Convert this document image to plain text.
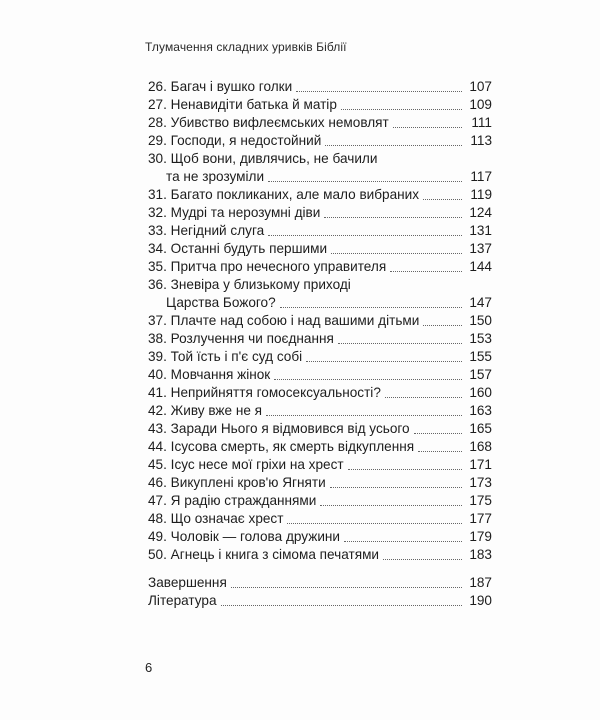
Тлумачення складних уривків Біблії
26. Багач і вушко голки	107
27. Ненавидіти батька й матір	109
28. Убивство вифлеємських немовлят	111
29. Господи, я недостойний	113
30. Щоб вони, дивлячись, не бачили
та не зрозуміли	117
31. Багато покликаних, але мало вибраних	119
32. Мудрі та нерозумні діви	124
33. Негідний слуга	131
34. Останні будуть першими	137
35. Притча про нечесного управителя	144
36. Зневіра у близькому приході
Царства Божого?	147
37. Плачте над собою і над вашими дітьми	150
38. Розлучення чи поєднання	153
39. Той їсть і п'є суд собі	155
40. Мовчання жінок	157
41. Неприйняття гомосексуальності?	160
42. Живу вже не я	163
43. Заради Нього я відмовився від усього	165
44. Ісусова смерть, як смерть відкуплення	168
45. Ісус несе мої гріхи на хрест	171
46. Викуплені кров'ю Ягняти	173
47. Я радію стражданнями	175
48. Що означає хрест	177
49. Чоловік — голова дружини	179
50. Агнець і книга з сімома печатями	183
Завершення	187
Література	190
6
